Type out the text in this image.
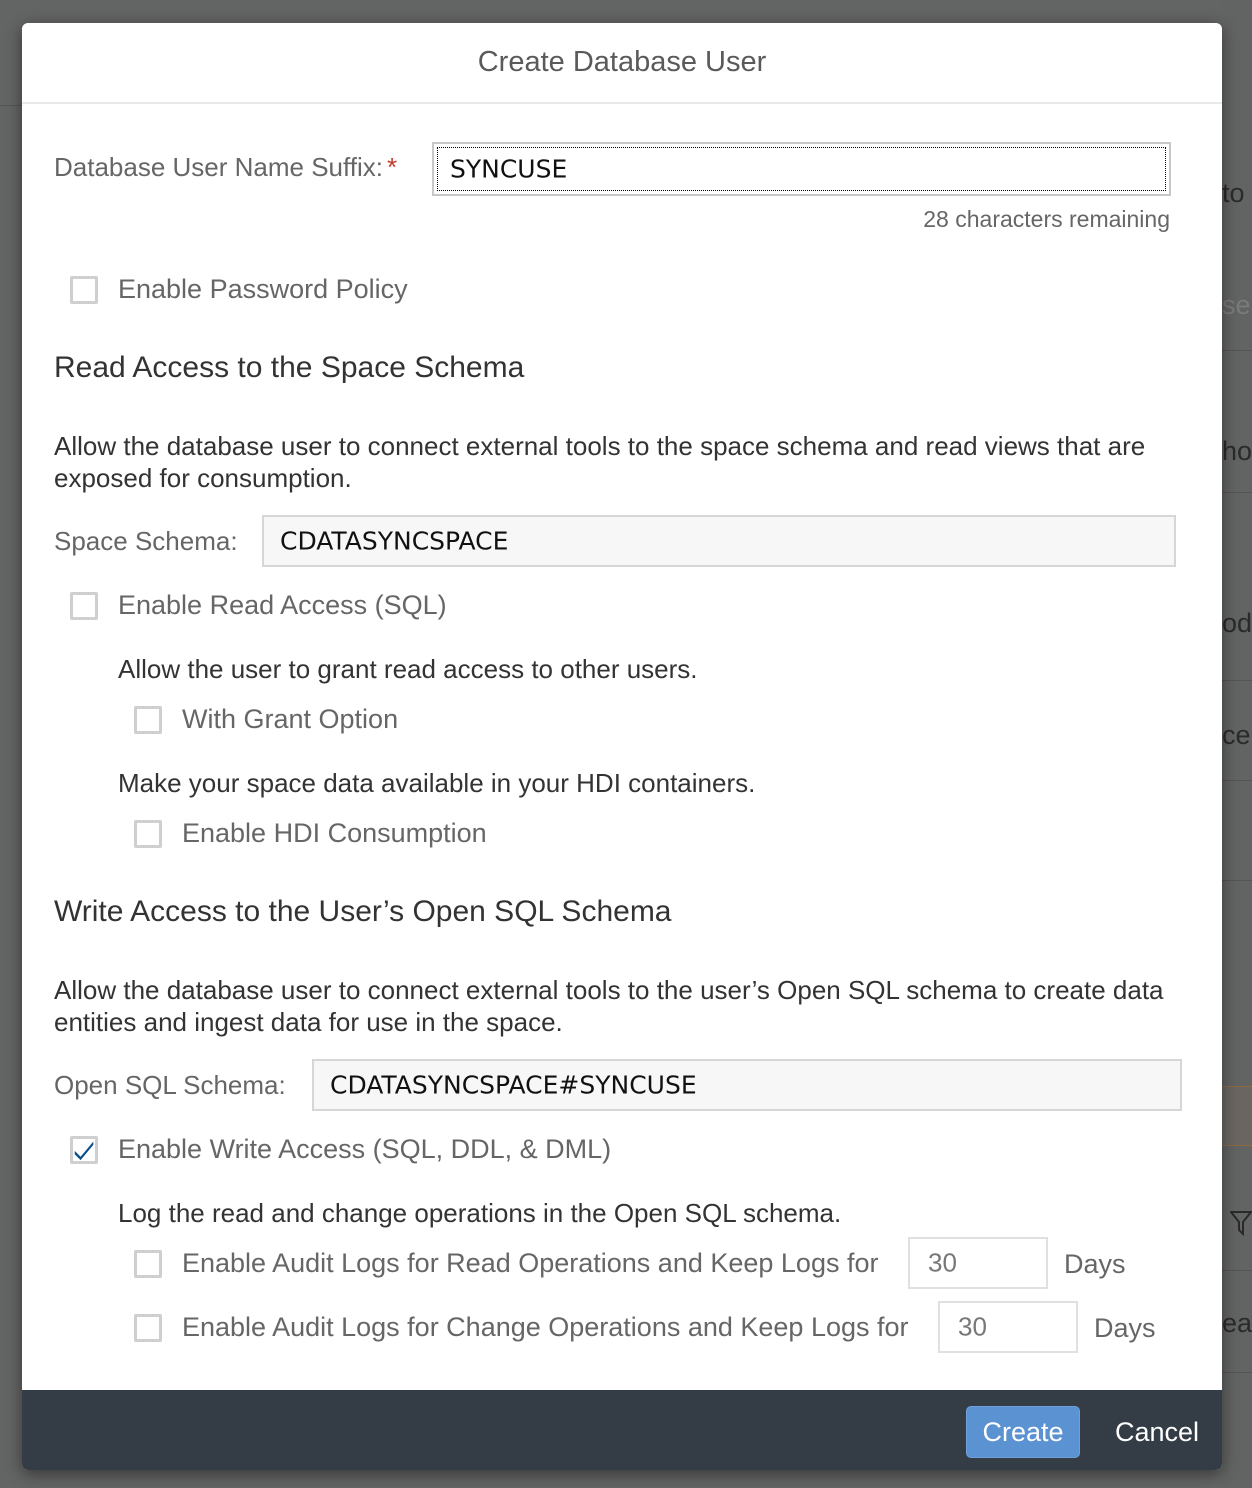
to
se
ho
od
ce
ea
Create Database User
Database User Name Suffix: * SYNCUSE
28 characters remaining
Enable Password Policy
Read Access to the Space Schema
Allow the database user to connect external tools to the space schema and read views that are exposed for consumption.
Space Schema: CDATASYNCSPACE
Enable Read Access (SQL)
Allow the user to grant read access to other users.
With Grant Option
Make your space data available in your HDI containers.
Enable HDI Consumption
Write Access to the User’s Open SQL Schema
Allow the database user to connect external tools to the user’s Open SQL schema to create data entities and ingest data for use in the space.
Open SQL Schema: CDATASYNCSPACE#SYNCUSE
Enable Write Access (SQL, DDL, & DML)
Log the read and change operations in the Open SQL schema.
Enable Audit Logs for Read Operations and Keep Logs for 30	Days
Enable Audit Logs for Change Operations and Keep Logs for 30	Days
Create	Cancel
